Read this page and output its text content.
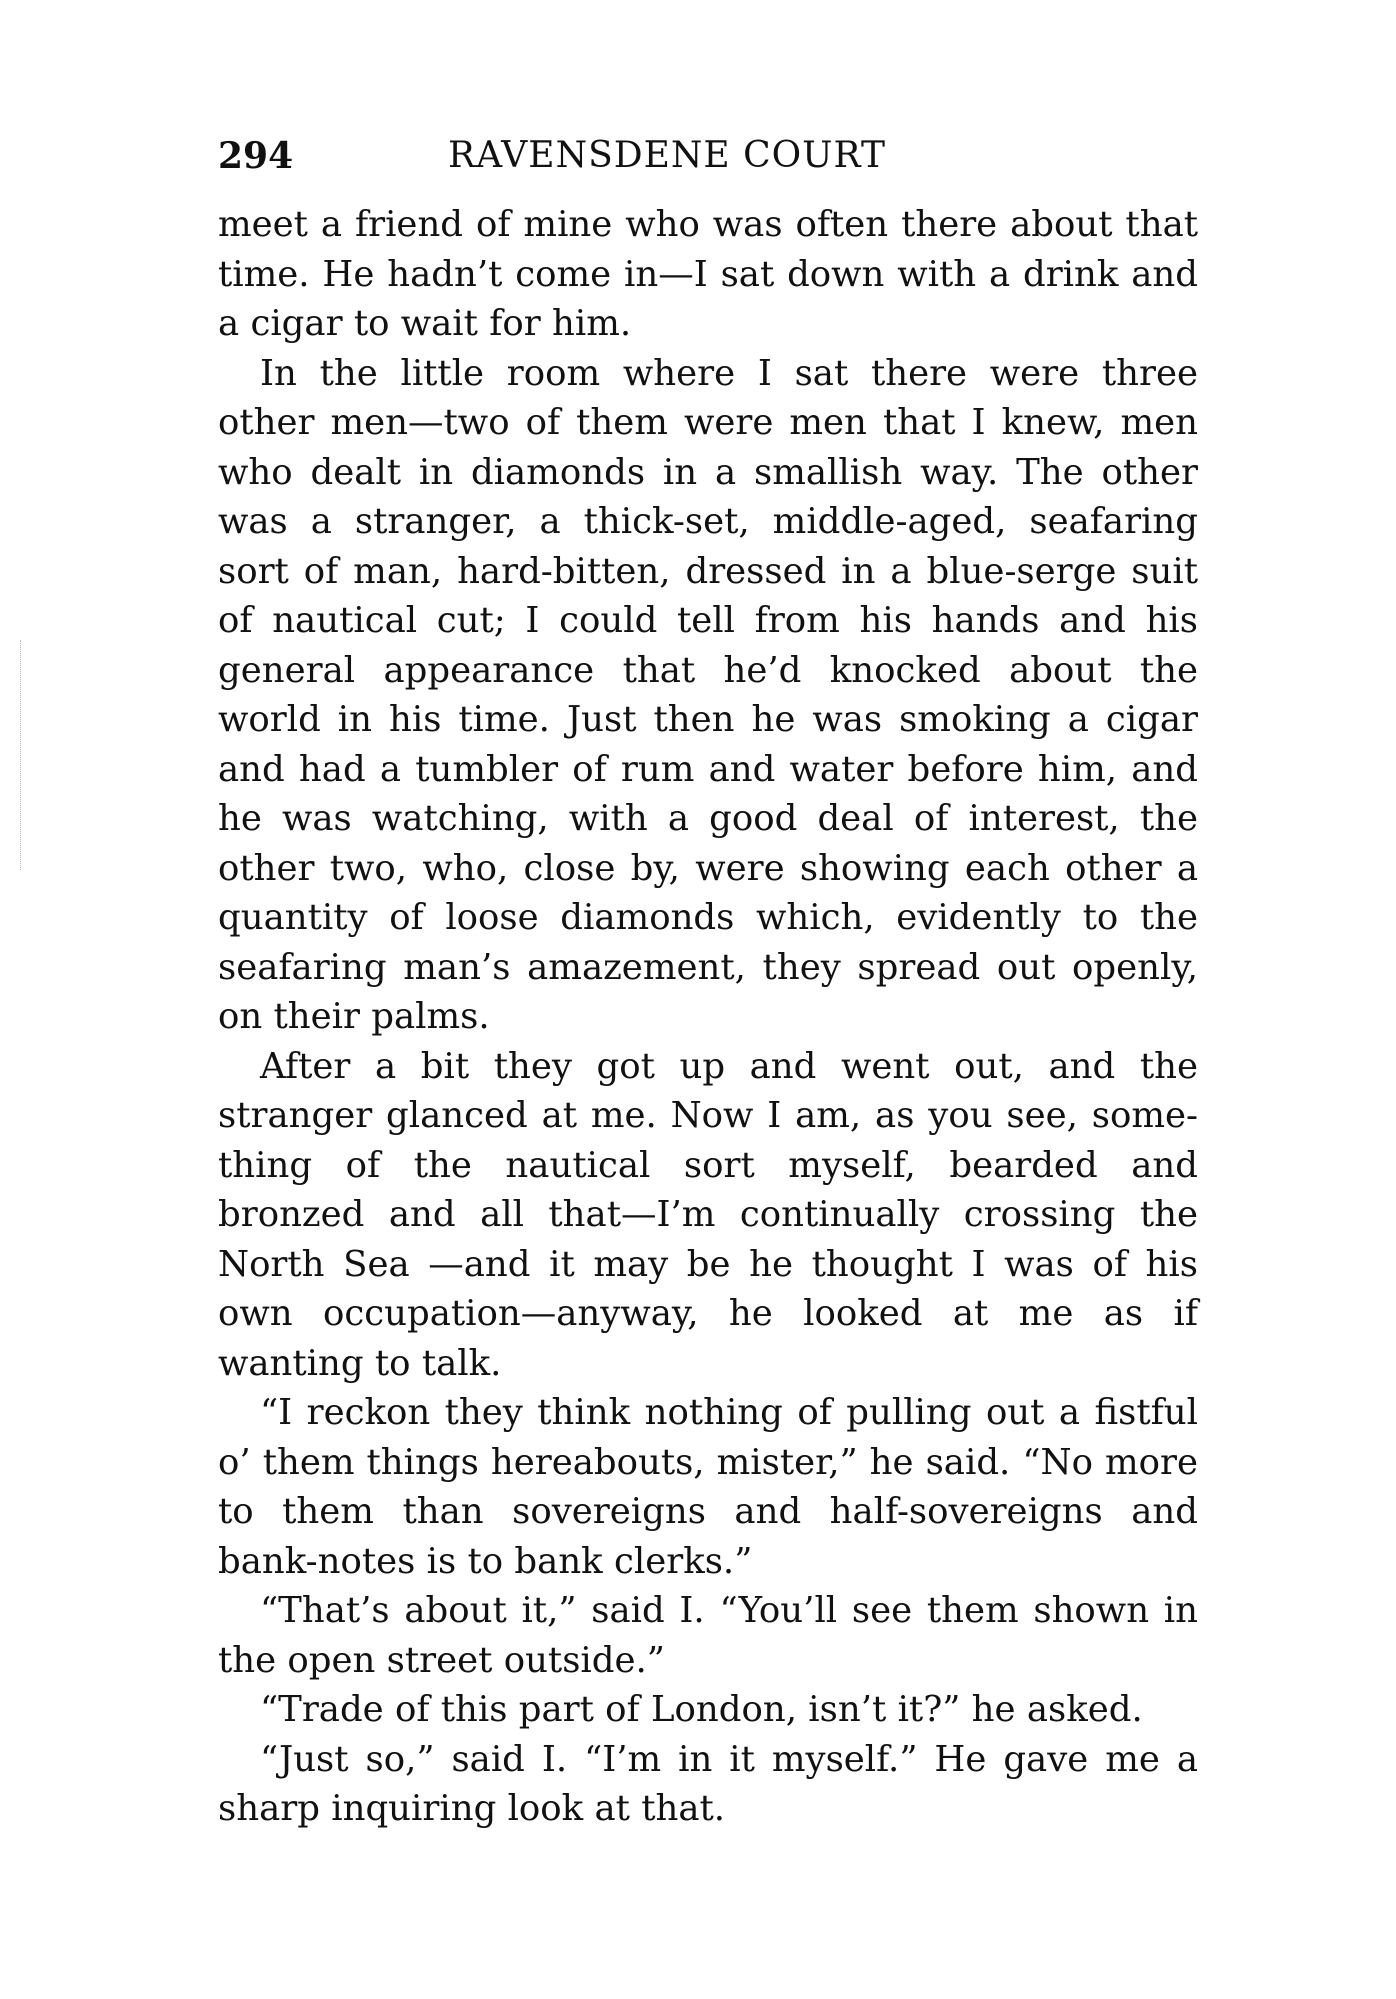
294	RAVENSDENE COURT

meet a friend of mine who was often there about that time. He hadn’t come in—I sat down with a drink and a cigar to wait for him.

In the little room where I sat there were three other men—two of them were men that I knew, men who dealt in diamonds in a smallish way. The other was a stranger, a thick-set, middle-aged, seafaring sort of man, hard-bitten, dressed in a blue-serge suit of nautical cut; I could tell from his hands and his general appearance that he’d knocked about the world in his time. Just then he was smoking a cigar and had a tumbler of rum and water before him, and he was watching, with a good deal of interest, the other two, who, close by, were showing each other a quantity of loose diamonds which, evidently to the seafaring man’s amazement, they spread out openly, on their palms.

After a bit they got up and went out, and the stranger glanced at me. Now I am, as you see, something of the nautical sort myself, bearded and bronzed and all that—I’m continually crossing the North Sea —and it may be he thought I was of his own occupation—anyway, he looked at me as if wanting to talk.

“I reckon they think nothing of pulling out a fistful o’ them things hereabouts, mister,” he said. “No more to them than sovereigns and half-sovereigns and bank-notes is to bank clerks.”

“That’s about it,” said I. “You’ll see them shown in the open street outside.”

“Trade of this part of London, isn’t it?” he asked.

“Just so,” said I. “I’m in it myself.” He gave me a sharp inquiring look at that.
